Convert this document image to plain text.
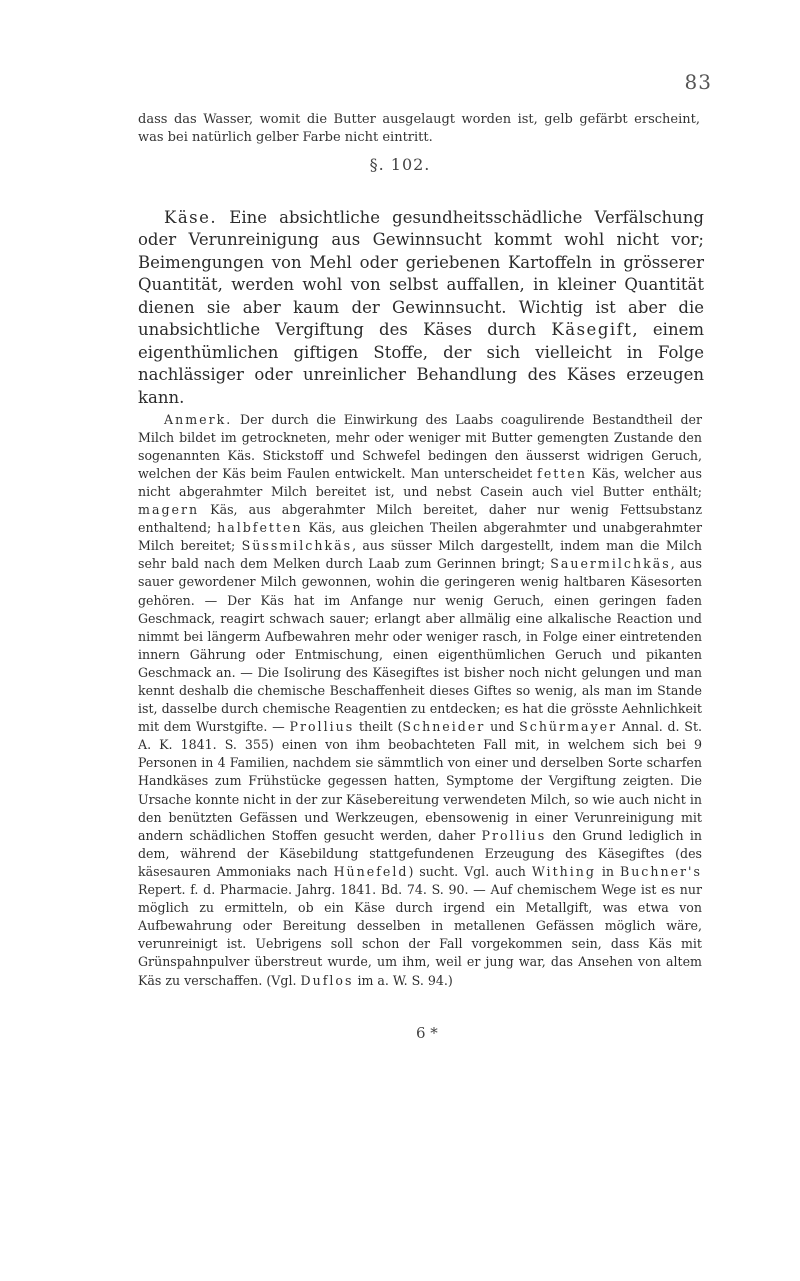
83

dass das Wasser, womit die Butter ausgelaugt worden ist, gelb gefärbt erscheint, was bei natürlich gelber Farbe nicht eintritt.

§. 102.

Käse. Eine absichtliche gesundheitsschädliche Verfälschung oder Verunreinigung aus Gewinnsucht kommt wohl nicht vor; Beimengungen von Mehl oder geriebenen Kartoffeln in grösserer Quantität, werden wohl von selbst auffallen, in kleiner Quantität dienen sie aber kaum der Gewinnsucht. Wichtig ist aber die unabsichtliche Vergiftung des Käses durch Käsegift, einem eigenthümlichen giftigen Stoffe, der sich vielleicht in Folge nachlässiger oder unreinlicher Behandlung des Käses erzeugen kann.

Anmerk. Der durch die Einwirkung des Laabs coagulirende Bestandtheil der Milch bildet im getrockneten, mehr oder weniger mit Butter gemengten Zustande den sogenannten Käs. Stickstoff und Schwefel bedingen den äusserst widrigen Geruch, welchen der Käs beim Faulen entwickelt. Man unterscheidet fetten Käs, welcher aus nicht abgerahmter Milch bereitet ist, und nebst Casein auch viel Butter enthält; magern Käs, aus abgerahmter Milch bereitet, daher nur wenig Fettsubstanz enthaltend; halbfetten Käs, aus gleichen Theilen abgerahmter und unabgerahmter Milch bereitet; Süssmilchkäs, aus süsser Milch dargestellt, indem man die Milch sehr bald nach dem Melken durch Laab zum Gerinnen bringt; Sauermilchkäs, aus sauer gewordener Milch gewonnen, wohin die geringeren wenig haltbaren Käsesorten gehören. — Der Käs hat im Anfange nur wenig Geruch, einen geringen faden Geschmack, reagirt schwach sauer; erlangt aber allmälig eine alkalische Reaction und nimmt bei längerm Aufbewahren mehr oder weniger rasch, in Folge einer eintretenden innern Gährung oder Entmischung, einen eigenthümlichen Geruch und pikanten Geschmack an. — Die Isolirung des Käsegiftes ist bisher noch nicht gelungen und man kennt deshalb die chemische Beschaffenheit dieses Giftes so wenig, als man im Stande ist, dasselbe durch chemische Reagentien zu entdecken; es hat die grösste Aehnlichkeit mit dem Wurstgifte. — Prollius theilt (Schneider und Schürmayer Annal. d. St. A. K. 1841. S. 355) einen von ihm beobachteten Fall mit, in welchem sich bei 9 Personen in 4 Familien, nachdem sie sämmtlich von einer und derselben Sorte scharfen Handkäses zum Frühstücke gegessen hatten, Symptome der Vergiftung zeigten. Die Ursache konnte nicht in der zur Käsebereitung verwendeten Milch, so wie auch nicht in den benützten Gefässen und Werkzeugen, ebensowenig in einer Verunreinigung mit andern schädlichen Stoffen gesucht werden, daher Prollius den Grund lediglich in dem, während der Käsebildung stattgefundenen Erzeugung des Käsegiftes (des käsesauren Ammoniaks nach Hünefeld) sucht. Vgl. auch Withing in Buchner's Repert. f. d. Pharmacie. Jahrg. 1841. Bd. 74. S. 90. — Auf chemischem Wege ist es nur möglich zu ermitteln, ob ein Käse durch irgend ein Metallgift, was etwa von Aufbewahrung oder Bereitung desselben in metallenen Gefässen möglich wäre, verunreinigt ist. Uebrigens soll schon der Fall vorgekommen sein, dass Käs mit Grünspahnpulver überstreut wurde, um ihm, weil er jung war, das Ansehen von altem Käs zu verschaffen. (Vgl. Duflos im a. W. S. 94.)

6 *
